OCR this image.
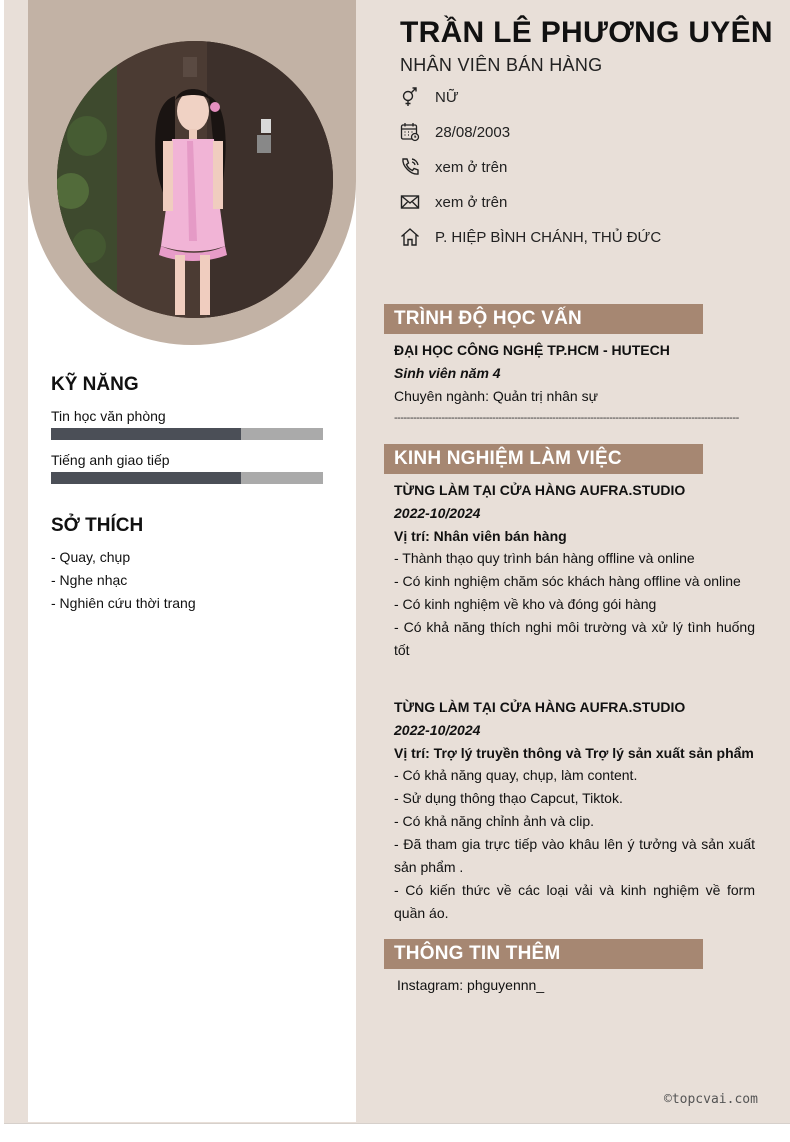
TRẦN LÊ PHƯƠNG UYÊN
NHÂN VIÊN BÁN HÀNG
NỮ
28/08/2003
xem ở trên
xem ở trên
P. HIỆP BÌNH CHÁNH, THỦ ĐỨC
KỸ NĂNG
Tin học văn phòng
Tiếng anh giao tiếp
SỞ THÍCH
- Quay, chụp
- Nghe nhạc
- Nghiên cứu thời trang
TRÌNH ĐỘ HỌC VẤN
ĐẠI HỌC CÔNG NGHỆ TP.HCM - HUTECH
Sinh viên năm 4
Chuyên ngành: Quản trị nhân sự
-------------------------------------------------------------------------------------------------------------
KINH NGHIỆM LÀM VIỆC
TỪNG LÀM TẠI CỬA HÀNG AUFRA.STUDIO
2022-10/2024
Vị trí: Nhân viên bán hàng
- Thành thạo quy trình bán hàng offline và online
- Có kinh nghiệm chăm sóc khách hàng offline và online
- Có kinh nghiệm về kho và đóng gói hàng
- Có khả năng thích nghi môi trường và xử lý tình huống tốt
TỪNG LÀM TẠI CỬA HÀNG AUFRA.STUDIO
2022-10/2024
Vị trí: Trợ lý truyền thông và Trợ lý sản xuất sản phẩm
- Có khả năng quay, chụp, làm content.
- Sử dụng thông thạo Capcut, Tiktok.
- Có khả năng chỉnh ảnh và clip.
- Đã tham gia trực tiếp vào khâu lên ý tưởng và sản xuất sản phẩm .
- Có kiến thức về các loại vải và kinh nghiệm về form quần áo.
THÔNG TIN THÊM
Instagram: phguyennn_
©topcvai.com
